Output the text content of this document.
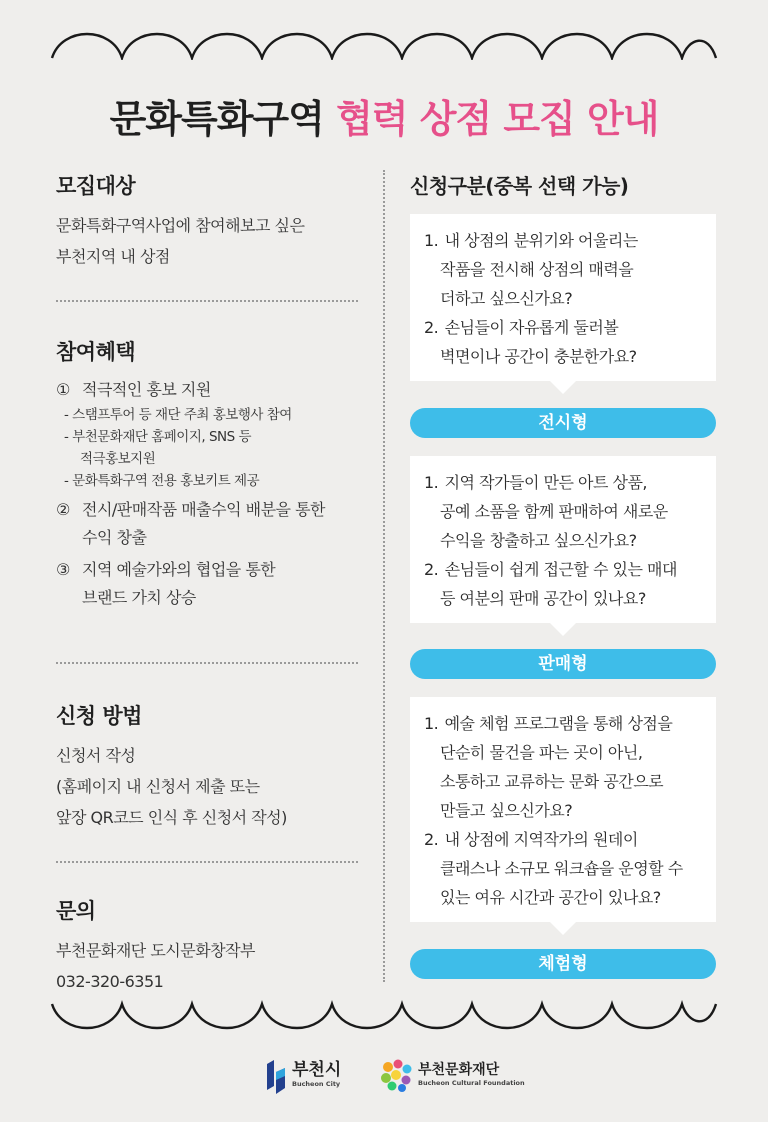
문화특화구역 협력 상점 모집 안내
모집대상
문화특화구역사업에 참여해보고 싶은
부천지역 내 상점
참여혜택
① 적극적인 홍보 지원
- 스탬프투어 등 재단 주최 홍보행사 참여
- 부천문화재단 홈페이지, SNS 등
적극홍보지원
- 문화특화구역 전용 홍보키트 제공
② 전시/판매작품 매출수익 배분을 통한
수익 창출
③ 지역 예술가와의 협업을 통한
브랜드 가치 상승
신청 방법
신청서 작성
(홈페이지 내 신청서 제출 또는
앞장 QR코드 인식 후 신청서 작성)
문의
부천문화재단 도시문화창작부
032-320-6351
신청구분(중복 선택 가능)
1. 내 상점의 분위기와 어울리는
작품을 전시해 상점의 매력을
더하고 싶으신가요?
2. 손님들이 자유롭게 둘러볼
벽면이나 공간이 충분한가요?
전시형
1. 지역 작가들이 만든 아트 상품,
공예 소품을 함께 판매하여 새로운
수익을 창출하고 싶으신가요?
2. 손님들이 쉽게 접근할 수 있는 매대
등 여분의 판매 공간이 있나요?
판매형
1. 예술 체험 프로그램을 통해 상점을
단순히 물건을 파는 곳이 아닌,
소통하고 교류하는 문화 공간으로
만들고 싶으신가요?
2. 내 상점에 지역작가의 원데이
클래스나 소규모 워크숍을 운영할 수
있는 여유 시간과 공간이 있나요?
체험형
부천시
Bucheon City
부천문화재단
Bucheon Cultural Foundation
